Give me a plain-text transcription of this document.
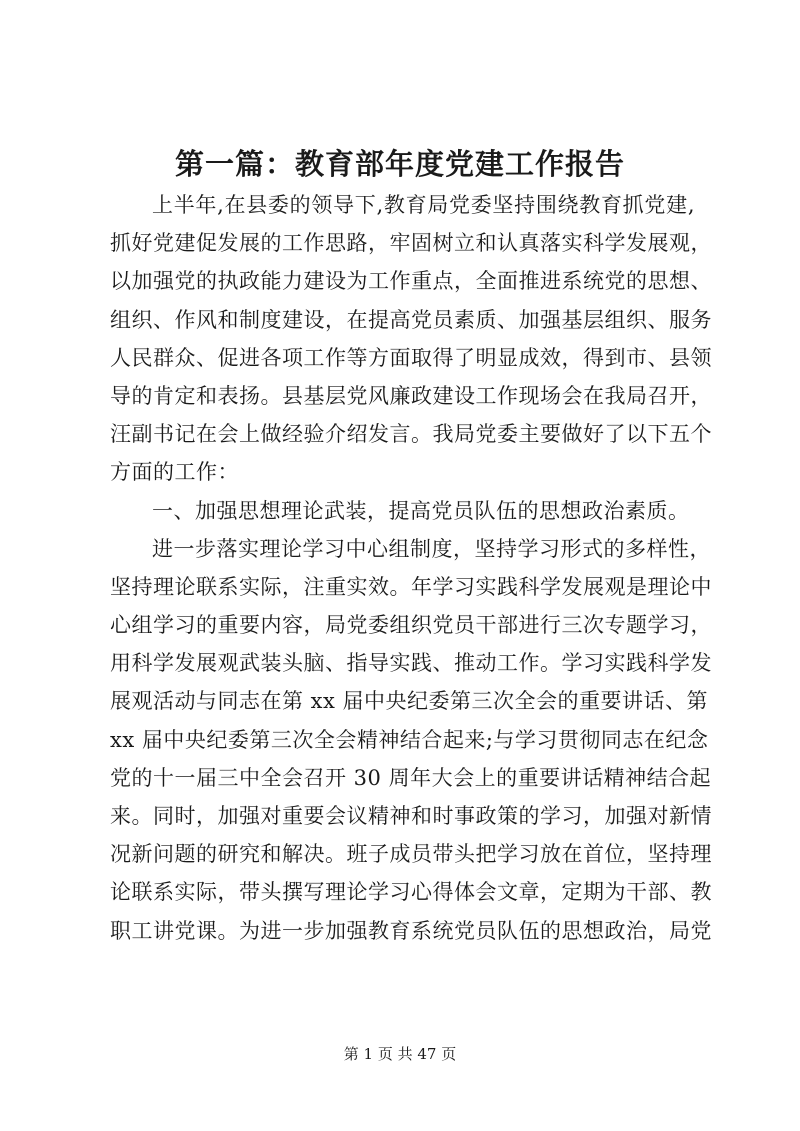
第一篇：教育部年度党建工作报告
上半年,在县委的领导下,教育局党委坚持围绕教育抓党建,
抓好党建促发展的工作思路，牢固树立和认真落实科学发展观，
以加强党的执政能力建设为工作重点，全面推进系统党的思想、
组织、作风和制度建设，在提高党员素质、加强基层组织、服务
人民群众、促进各项工作等方面取得了明显成效，得到市、县领
导的肯定和表扬。县基层党风廉政建设工作现场会在我局召开，
汪副书记在会上做经验介绍发言。我局党委主要做好了以下五个
方面的工作：
一、加强思想理论武装，提高党员队伍的思想政治素质。
进一步落实理论学习中心组制度，坚持学习形式的多样性，
坚持理论联系实际，注重实效。年学习实践科学发展观是理论中
心组学习的重要内容，局党委组织党员干部进行三次专题学习，
用科学发展观武装头脑、指导实践、推动工作。学习实践科学发
展观活动与同志在第 xx 届中央纪委第三次全会的重要讲话、第
xx 届中央纪委第三次全会精神结合起来;与学习贯彻同志在纪念
党的十一届三中全会召开 30 周年大会上的重要讲话精神结合起
来。同时，加强对重要会议精神和时事政策的学习，加强对新情
况新问题的研究和解决。班子成员带头把学习放在首位，坚持理
论联系实际，带头撰写理论学习心得体会文章，定期为干部、教
职工讲党课。为进一步加强教育系统党员队伍的思想政治，局党
第 1 页 共 47 页
